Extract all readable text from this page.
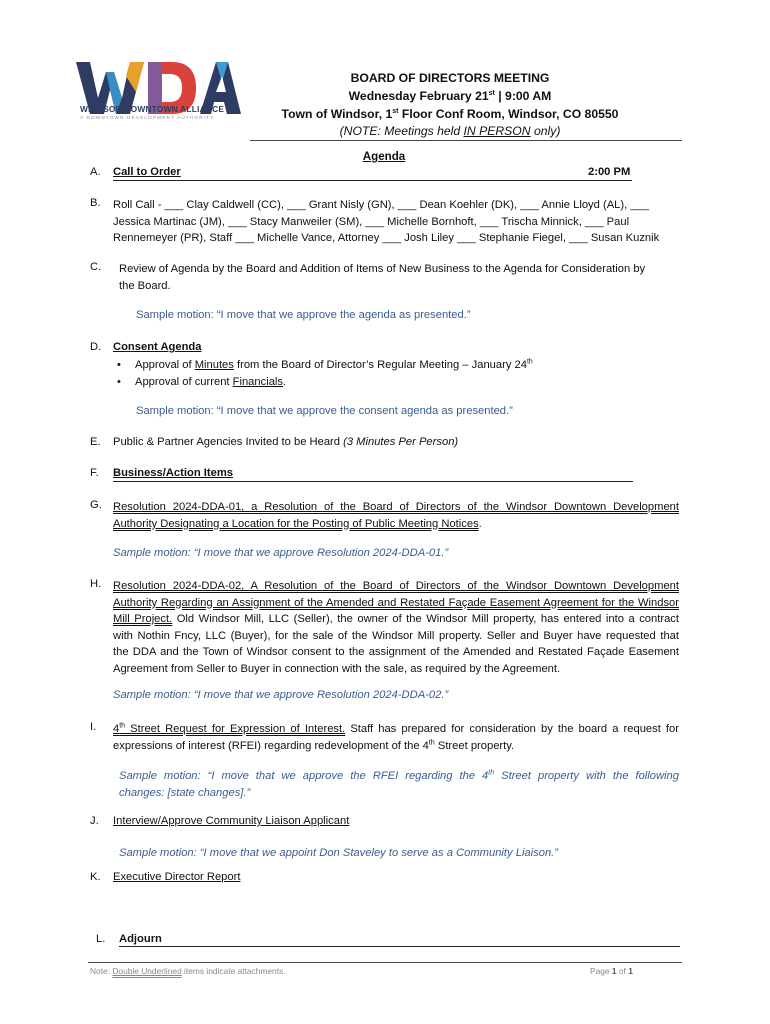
WINDSOR DOWNTOWN ALLIANCE
A DOWNTOWN DEVELOPMENT AUTHORITY
BOARD OF DIRECTORS MEETING
Wednesday February 21st | 9:00 AM
Town of Windsor, 1st Floor Conf Room, Windsor, CO 80550
(NOTE: Meetings held IN PERSON only)
Agenda
A.	Call to Order	2:00 PM
B.	Roll Call - ___ Clay Caldwell (CC), ___ Grant Nisly (GN), ___ Dean Koehler (DK), ___ Annie Lloyd (AL), ___
Jessica Martinac (JM), ___ Stacy Manweiler (SM), ___ Michelle Bornhoft, ___ Trischa Minnick, ___ Paul
Rennemeyer (PR), Staff ___ Michelle Vance, Attorney ___ Josh Liley ___ Stephanie Fiegel, ___ Susan Kuznik
C.	Review of Agenda by the Board and Addition of Items of New Business to the Agenda for Consideration by
the Board.
Sample motion: “I move that we approve the agenda as presented.”
D.	Consent Agenda
• Approval of Minutes from the Board of Director’s Regular Meeting – January 24th
• Approval of current Financials.
Sample motion: “I move that we approve the consent agenda as presented.”
E.	Public & Partner Agencies Invited to be Heard (3 Minutes Per Person)
F.	Business/Action Items
G. Resolution 2024-DDA-01, a Resolution of the Board of Directors of the Windsor Downtown Development
Authority Designating a Location for the Posting of Public Meeting Notices.
Sample motion: “I move that we approve Resolution 2024-DDA-01.”
H.	Resolution 2024-DDA-02, A Resolution of the Board of Directors of the Windsor Downtown Development
Authority Regarding an Assignment of the Amended and Restated Façade Easement Agreement for the Windsor
Mill Project. Old Windsor Mill, LLC (Seller), the owner of the Windsor Mill property, has entered into a contract
with Nothin Fncy, LLC (Buyer), for the sale of the Windsor Mill property. Seller and Buyer have requested that
the DDA and the Town of Windsor consent to the assignment of the Amended and Restated Façade Easement
Agreement from Seller to Buyer in connection with the sale, as required by the Agreement.
Sample motion: “I move that we approve Resolution 2024-DDA-02.”
I.	4th Street Request for Expression of Interest. Staff has prepared for consideration by the board a request for
expressions of interest (RFEI) regarding redevelopment of the 4th Street property.
Sample motion: “I move that we approve the RFEI regarding the 4th Street property with the following
changes: [state changes].”
J.	Interview/Approve Community Liaison Applicant
Sample motion: “I move that we appoint Don Staveley to serve as a Community Liaison.”
K.	Executive Director Report
L.	Adjourn
Note: Double Underlined items indicate attachments.	Page 1 of 1
